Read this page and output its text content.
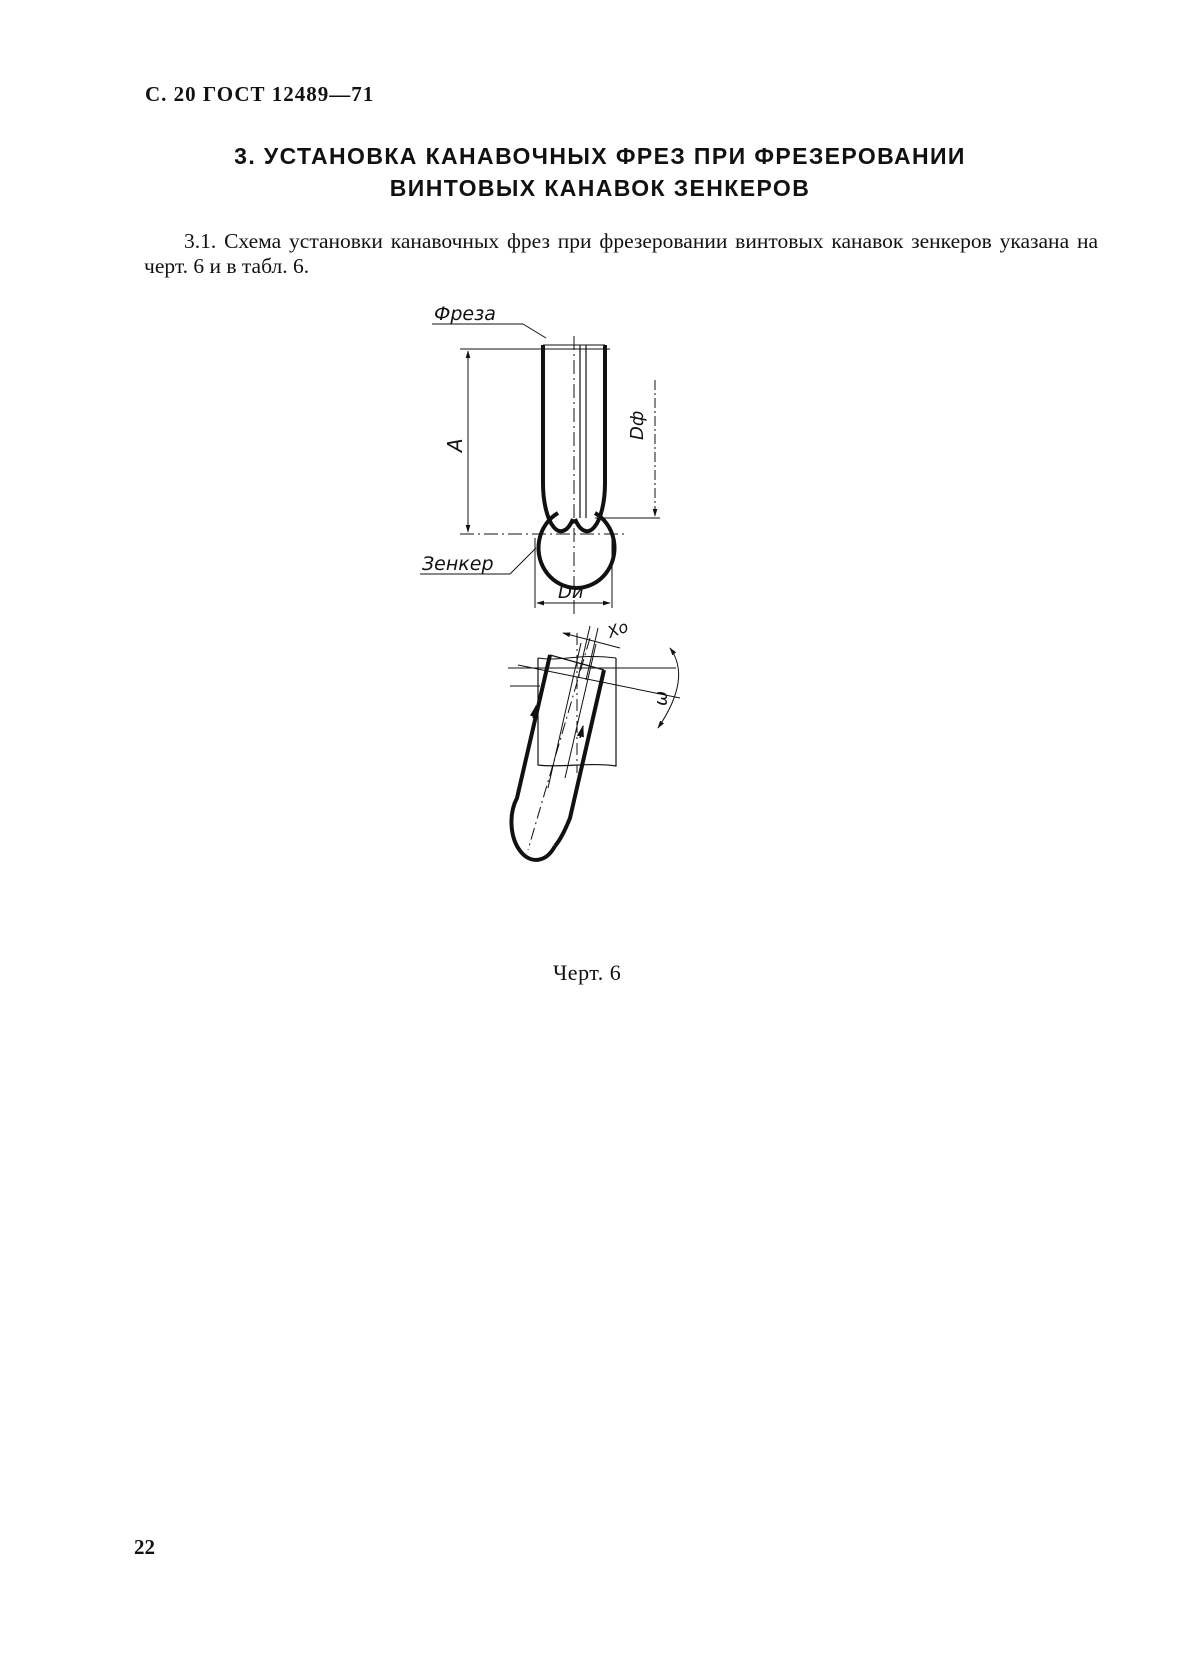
С. 20 ГОСТ 12489—71
3. УСТАНОВКА КАНАВОЧНЫХ ФРЕЗ ПРИ ФРЕЗЕРОВАНИИ
ВИНТОВЫХ КАНАВОК ЗЕНКЕРОВ
3.1. Схема установки канавочных фрез при фрезеровании винтовых канавок зенкеров указана на черт. 6 и в табл. 6.
A
Dф
Dи
Фреза
Зенкер
ω
Xо
Черт. 6
22
